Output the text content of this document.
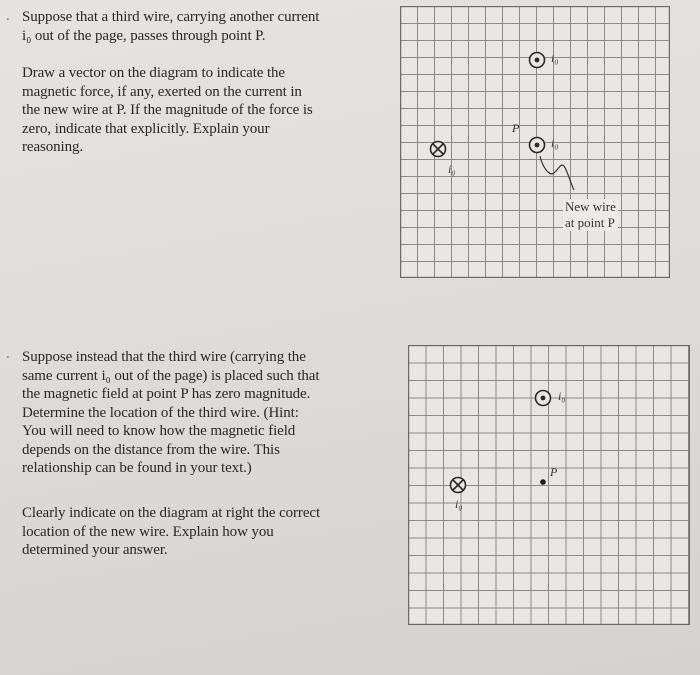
. Suppose that a third wire, carrying another current
i₀ out of the page, passes through point P.
Draw a vector on the diagram to indicate the
magnetic force, if any, exerted on the current in
the new wire at P. If the magnitude of the force is
zero, indicate that explicitly. Explain your
reasoning.
i₀
i₀
P
i₀
New wire
at point P
. Suppose instead that the third wire (carrying the
same current i₀ out of the page) is placed such that
the magnetic field at point P has zero magnitude.
Determine the location of the third wire. (Hint:
You will need to know how the magnetic field
depends on the distance from the wire. This
relationship can be found in your text.)
Clearly indicate on the diagram at right the correct
location of the new wire. Explain how you
determined your answer.
i₀
i₀
P
